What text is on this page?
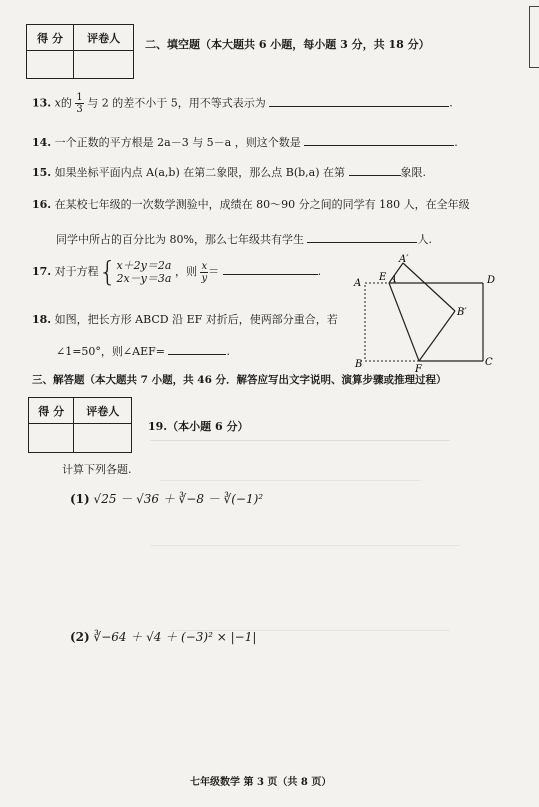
得 分	评卷人
	二、填空题（本大题共 6 小题，每小题 3 分，共 18 分）
13. x的 $\frac{1}{3}$ 与 2 的差不小于 5，用不等式表示为	.
14. 一个正数的平方根是 2a－3 与 5－a ，则这个数是	.
15. 如果坐标平面内点 A(a,b) 在第二象限，那么点 B(b,a) 在第	象限.
16. 在某校七年级的一次数学测验中，成绩在 80～90 分之间的同学有 180 人，在全年级
同学中所占的百分比为 80%，那么七年级共有学生	人.
17. 对于方程{ x＋2y＝2a
2x－y＝3a
，则 $\frac{x}{y}$ ＝	.
18. 如图，把长方形 ABCD 沿 EF 对折后，使两部分重合，若
∠1=50°，则∠AEF=	.
A
E 1
A′
D
B′
B	F
C
三、解答题（本大题共 7 小题，共 46 分．解答应写出文字说明、演算步骤或推理过程）
得 分	评卷人

19.（本小题 6 分）
计算下列各题.
(1) √25 － √36 ＋ ∛−8 － ∛(−1)²
(2) ∛−64 ＋ √4 ＋ (−3)² × |−1|
七年级数学 第 3 页（共 8 页）
